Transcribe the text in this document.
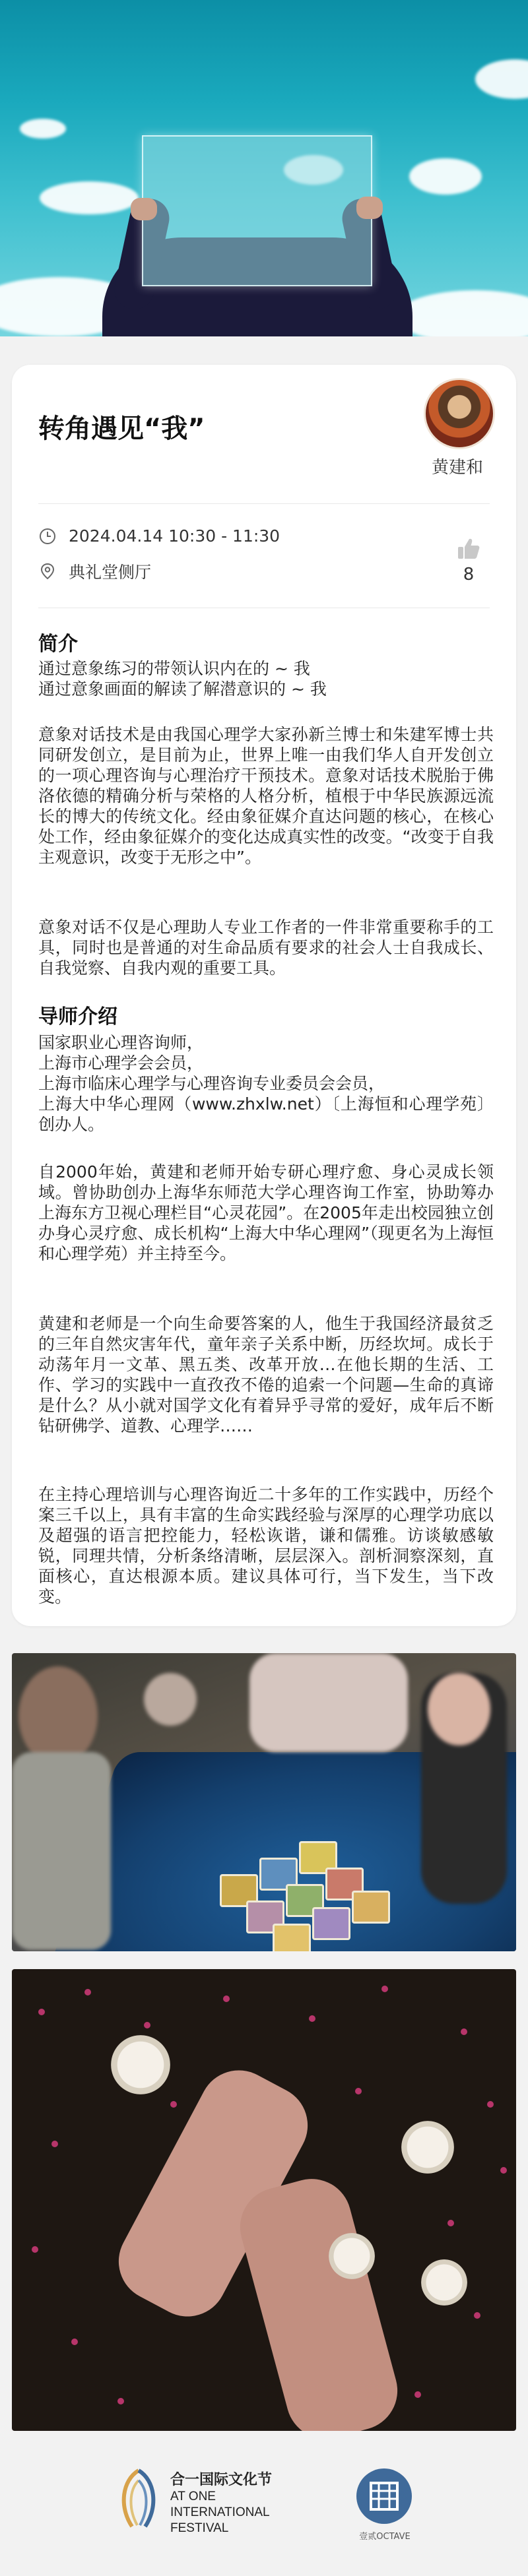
转角遇见“我”
黄建和
2024.04.14 10:30 - 11:30
典礼堂侧厅	8
简介

通过意象练习的带领认识内在的 ~ 我
通过意象画面的解读了解潜意识的 ~ 我

意象对话技术是由我国心理学大家孙新兰博士和朱建军博士共同研发创立，是目前为止，世界上唯一由我们华人自开发创立的一项心理咨询与心理治疗干预技术。意象对话技术脱胎于佛洛依德的精确分析与荣格的人格分析，植根于中华民族源远流长的博大的传统文化。经由象征媒介直达问题的核心，在核心处工作，经由象征媒介的变化达成真实性的改变。“改变于自我主观意识，改变于无形之中”。

意象对话不仅是心理助人专业工作者的一件非常重要称手的工具，同时也是普通的对生命品质有要求的社会人士自我成长、自我觉察、自我内观的重要工具。

导师介绍

国家职业心理咨询师，
上海市心理学会会员，
上海市临床心理学与心理咨询专业委员会会员，
上海大中华心理网（www.zhxlw.net）〔上海恒和心理学苑〕创办人。

自2000年始，黄建和老师开始专研心理疗愈、身心灵成长领域。曾协助创办上海华东师范大学心理咨询工作室，协助筹办上海东方卫视心理栏目“心灵花园”。在2005年走出校园独立创办身心灵疗愈、成长机构“上海大中华心理网”（现更名为上海恒和心理学苑）并主持至今。

黄建和老师是一个向生命要答案的人，他生于我国经济最贫乏的三年自然灾害年代，童年亲子关系中断，历经坎坷。成长于动荡年月一文革、黑五类、改革开放…在他长期的生活、工作、学习的实践中一直孜孜不倦的追索一个问题—生命的真谛是什么？从小就对国学文化有着异乎寻常的爱好，成年后不断钻研佛学、道教、心理学……

在主持心理培训与心理咨询近二十多年的工作实践中，历经个案三千以上，具有丰富的生命实践经验与深厚的心理学功底以及超强的语言把控能力，轻松诙谐，谦和儒雅。访谈敏感敏锐，同理共情，分析条络清晰，层层深入。剖析洞察深刻，直面核心，直达根源本质。建议具体可行，当下发生，当下改变。

合一国际文化节
AT ONE
INTERNATIONAL
FESTIVAL
壹贰OCTAVE
